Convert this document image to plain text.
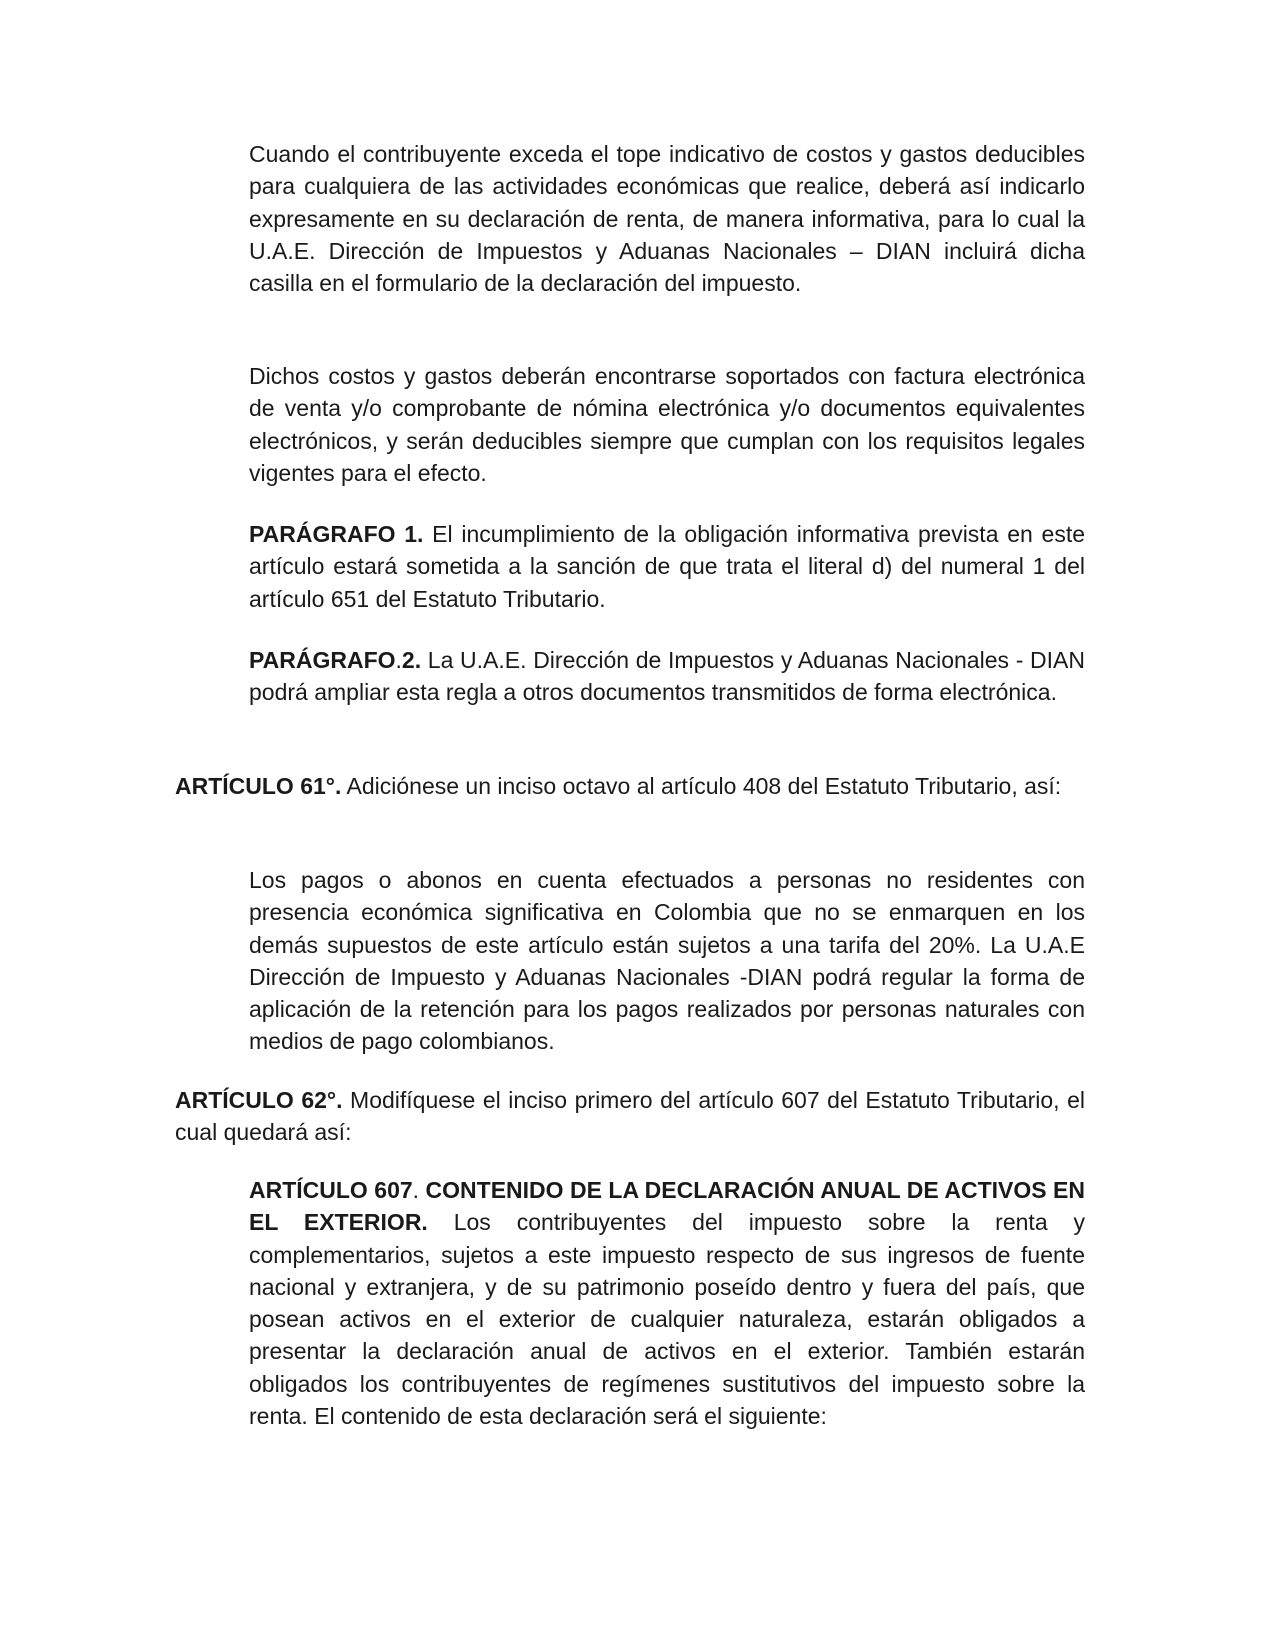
Cuando el contribuyente exceda el tope indicativo de costos y gastos deducibles para cualquiera de las actividades económicas que realice, deberá así indicarlo expresamente en su declaración de renta, de manera informativa, para lo cual la U.A.E. Dirección de Impuestos y Aduanas Nacionales – DIAN incluirá dicha casilla en el formulario de la declaración del impuesto.

Dichos costos y gastos deberán encontrarse soportados con factura electrónica de venta y/o comprobante de nómina electrónica y/o documentos equivalentes electrónicos, y serán deducibles siempre que cumplan con los requisitos legales vigentes para el efecto.

PARÁGRAFO 1. El incumplimiento de la obligación informativa prevista en este artículo estará sometida a la sanción de que trata el literal d) del numeral 1 del artículo 651 del Estatuto Tributario.

PARÁGRAFO.2. La U.A.E. Dirección de Impuestos y Aduanas Nacionales - DIAN podrá ampliar esta regla a otros documentos transmitidos de forma electrónica.

ARTÍCULO 61°. Adiciónese un inciso octavo al artículo 408 del Estatuto Tributario, así:

Los pagos o abonos en cuenta efectuados a personas no residentes con presencia económica significativa en Colombia que no se enmarquen en los demás supuestos de este artículo están sujetos a una tarifa del 20%. La U.A.E Dirección de Impuesto y Aduanas Nacionales -DIAN podrá regular la forma de aplicación de la retención para los pagos realizados por personas naturales con medios de pago colombianos.

ARTÍCULO 62°. Modifíquese el inciso primero del artículo 607 del Estatuto Tributario, el cual quedará así:

ARTÍCULO 607. CONTENIDO DE LA DECLARACIÓN ANUAL DE ACTIVOS EN EL EXTERIOR. Los contribuyentes del impuesto sobre la renta y complementarios, sujetos a este impuesto respecto de sus ingresos de fuente nacional y extranjera, y de su patrimonio poseído dentro y fuera del país, que posean activos en el exterior de cualquier naturaleza, estarán obligados a presentar la declaración anual de activos en el exterior. También estarán obligados los contribuyentes de regímenes sustitutivos del impuesto sobre la renta. El contenido de esta declaración será el siguiente:
